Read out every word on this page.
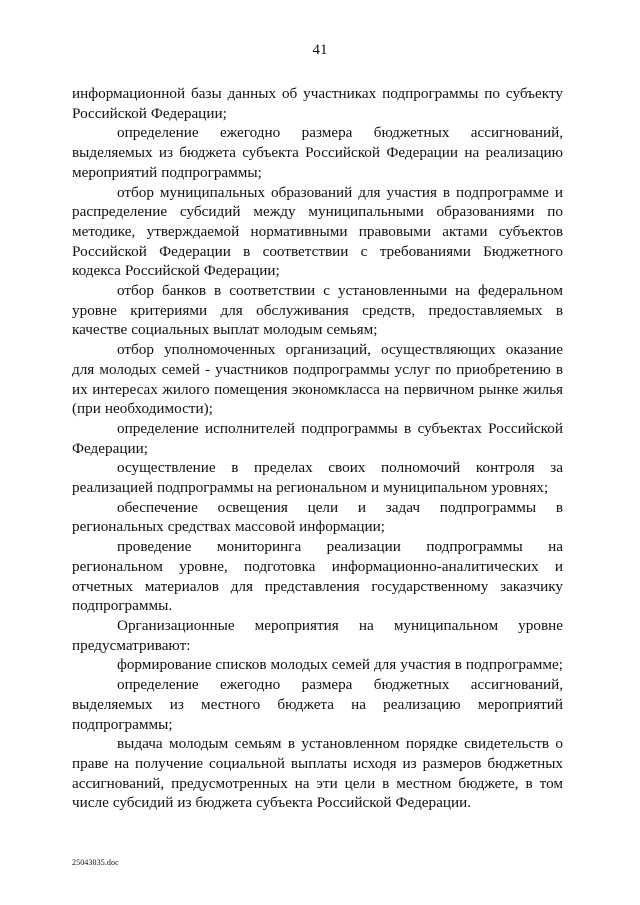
41

информационной базы данных об участниках подпрограммы по субъекту Российской Федерации;

определение ежегодно размера бюджетных ассигнований, выделяемых из бюджета субъекта Российской Федерации на реализацию мероприятий подпрограммы;

отбор муниципальных образований для участия в подпрограмме и распределение субсидий между муниципальными образованиями по методике, утверждаемой нормативными правовыми актами субъектов Российской Федерации в соответствии с требованиями Бюджетного кодекса Российской Федерации;

отбор банков в соответствии с установленными на федеральном уровне критериями для обслуживания средств, предоставляемых в качестве социальных выплат молодым семьям;

отбор уполномоченных организаций, осуществляющих оказание для молодых семей - участников подпрограммы услуг по приобретению в их интересах жилого помещения экономкласса на первичном рынке жилья (при необходимости);

определение исполнителей подпрограммы в субъектах Российской Федерации;

осуществление в пределах своих полномочий контроля за реализацией подпрограммы на региональном и муниципальном уровнях;

обеспечение освещения цели и задач подпрограммы в региональных средствах массовой информации;

проведение мониторинга реализации подпрограммы на региональном уровне, подготовка информационно-аналитических и отчетных материалов для представления государственному заказчику подпрограммы.

Организационные мероприятия на муниципальном уровне предусматривают:

формирование списков молодых семей для участия в подпрограмме;

определение ежегодно размера бюджетных ассигнований, выделяемых из местного бюджета на реализацию мероприятий подпрограммы;

выдача молодым семьям в установленном порядке свидетельств о праве на получение социальной выплаты исходя из размеров бюджетных ассигнований, предусмотренных на эти цели в местном бюджете, в том числе субсидий из бюджета субъекта Российской Федерации.

25043035.doc
